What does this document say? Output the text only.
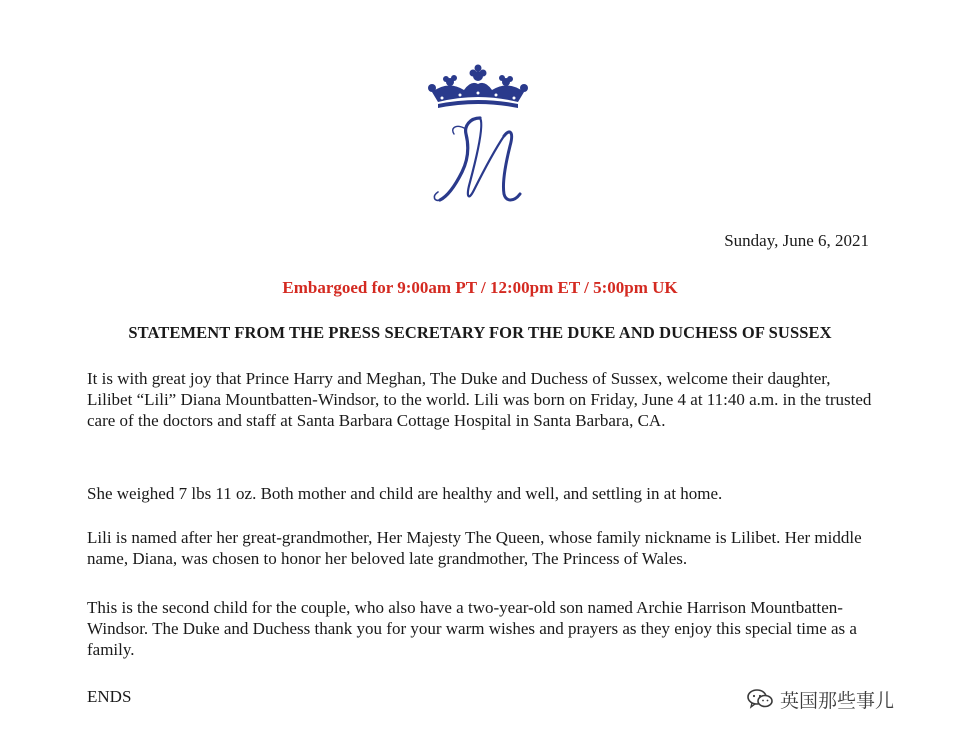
Sunday, June 6, 2021
Embargoed for 9:00am PT / 12:00pm ET / 5:00pm UK
STATEMENT FROM THE PRESS SECRETARY FOR THE DUKE AND DUCHESS OF SUSSEX

It is with great joy that Prince Harry and Meghan, The Duke and Duchess of Sussex, welcome their daughter, Lilibet “Lili” Diana Mountbatten-Windsor, to the world. Lili was born on Friday, June 4 at 11:40 a.m. in the trusted care of the doctors and staff at Santa Barbara Cottage Hospital in Santa Barbara, CA.

She weighed 7 lbs 11 oz. Both mother and child are healthy and well, and settling in at home.

Lili is named after her great-grandmother, Her Majesty The Queen, whose family nickname is Lilibet. Her middle name, Diana, was chosen to honor her beloved late grandmother, The Princess of Wales.

This is the second child for the couple, who also have a two-year-old son named Archie Harrison Mountbatten-Windsor. The Duke and Duchess thank you for your warm wishes and prayers as they enjoy this special time as a family.

ENDS	英国那些事儿
